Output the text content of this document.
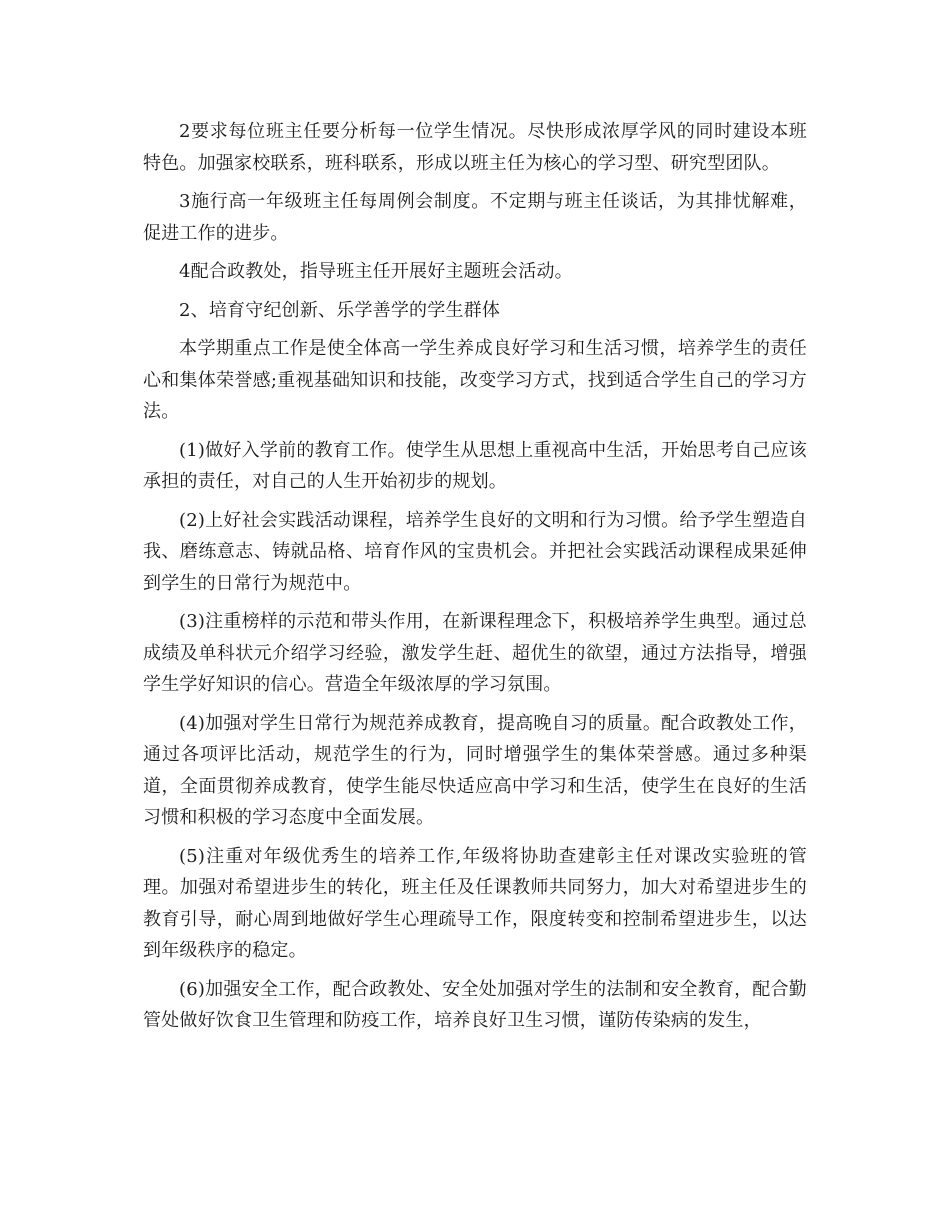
2要求每位班主任要分析每一位学生情况。尽快形成浓厚学风的同时建设本班特色。加强家校联系，班科联系，形成以班主任为核心的学习型、研究型团队。

3施行高一年级班主任每周例会制度。不定期与班主任谈话，为其排忧解难，促进工作的进步。

4配合政教处，指导班主任开展好主题班会活动。

2、培育守纪创新、乐学善学的学生群体

本学期重点工作是使全体高一学生养成良好学习和生活习惯，培养学生的责任心和集体荣誉感;重视基础知识和技能，改变学习方式，找到适合学生自己的学习方法。

(1)做好入学前的教育工作。使学生从思想上重视高中生活，开始思考自己应该承担的责任，对自己的人生开始初步的规划。

(2)上好社会实践活动课程，培养学生良好的文明和行为习惯。给予学生塑造自我、磨练意志、铸就品格、培育作风的宝贵机会。并把社会实践活动课程成果延伸到学生的日常行为规范中。

(3)注重榜样的示范和带头作用，在新课程理念下，积极培养学生典型。通过总成绩及单科状元介绍学习经验，激发学生赶、超优生的欲望，通过方法指导，增强学生学好知识的信心。营造全年级浓厚的学习氛围。

(4)加强对学生日常行为规范养成教育，提高晚自习的质量。配合政教处工作，通过各项评比活动，规范学生的行为，同时增强学生的集体荣誉感。通过多种渠道，全面贯彻养成教育，使学生能尽快适应高中学习和生活，使学生在良好的生活习惯和积极的学习态度中全面发展。

(5)注重对年级优秀生的培养工作,年级将协助查建彰主任对课改实验班的管理。加强对希望进步生的转化，班主任及任课教师共同努力，加大对希望进步生的教育引导，耐心周到地做好学生心理疏导工作，限度转变和控制希望进步生，以达到年级秩序的稳定。

(6)加强安全工作，配合政教处、安全处加强对学生的法制和安全教育，配合勤管处做好饮食卫生管理和防疫工作，培养良好卫生习惯，谨防传染病的发生，
